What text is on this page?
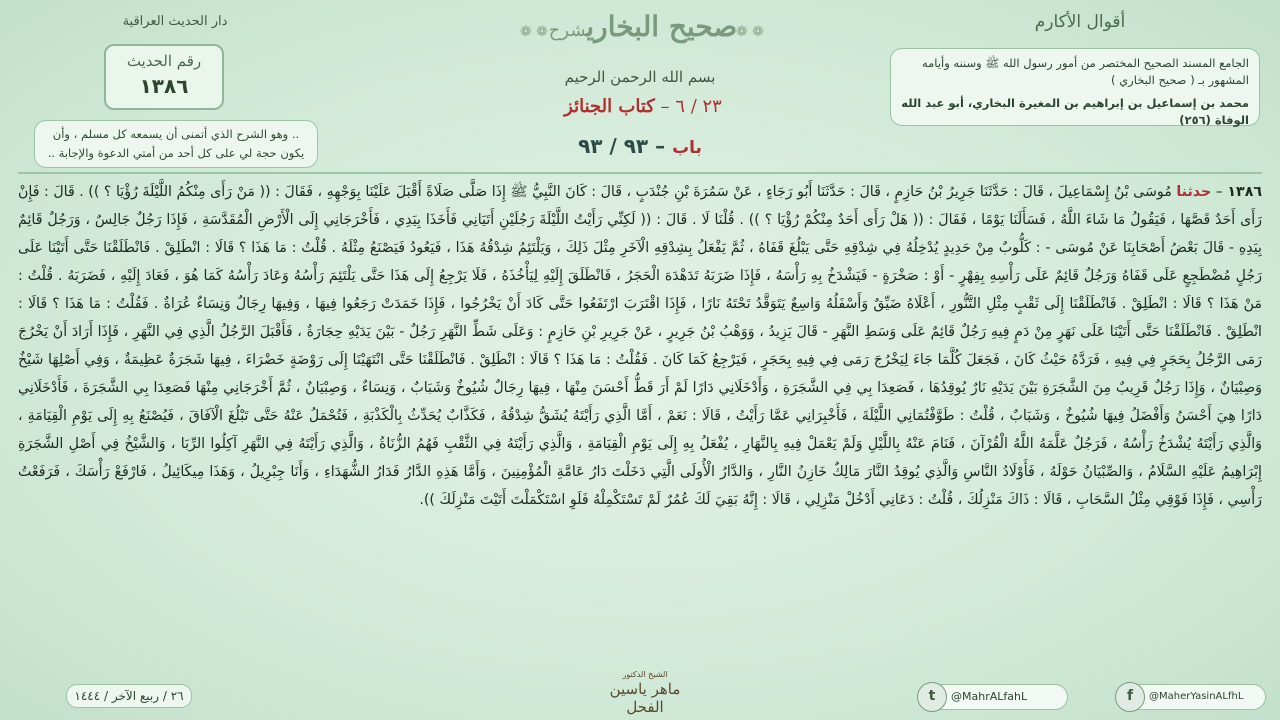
دار الحديث العراقية
رقم الحديث
١٣٨٦
.. وهو الشرح الذي أتمنى أن يسمعه كل مسلم ، وأن يكون حجة لي على كل أحد من أمتي الدعوة والإجابة ..
❁ ❁	❁ ❁
صحيح البخاريشرح
بسم الله الرحمن الرحيم
٢٣ / ٦ – كتاب الجنائز
باب – ٩٣ / ٩٣
أقوال الأكارم
الجامع المسند الصحيح المختصر من أمور رسول الله ﷺ وسننه وأيامه المشهور بـ ( صحيح البخاري )
محمد بن إسماعيل بن إبراهيم بن المغيرة البخاري، أبو عبد الله الوفاة (٢٥٦)
١٣٨٦ – حدثنا مُوسَى بْنُ إِسْمَاعِيلَ ، قَالَ : حَدَّثَنَا جَرِيرُ بْنُ حَازِمٍ ، قَالَ : حَدَّثَنَا أَبُو رَجَاءٍ ، عَنْ سَمُرَةَ بْنِ جُنْدَبٍ ، قَالَ : كَانَ النَّبِيُّ ﷺ إِذَا صَلَّى صَلَاةً أَقْبَلَ عَلَيْنَا بِوَجْهِهِ ، فَقَالَ : (( مَنْ رَأَى مِنْكُمُ اللَّيْلَةَ رُؤْيَا ؟ )) . قَالَ : فَإِنْ رَأَى أَحَدٌ قَصَّهَا ، فَيَقُولُ مَا شَاءَ اللَّهُ ، فَسَأَلَنَا يَوْمًا ، فَقَالَ : (( هَلْ رَأَى أَحَدٌ مِنْكُمْ رُؤْيَا ؟ )) . قُلْنَا لَا . قَالَ : (( لَكِنِّي رَأَيْتُ اللَّيْلَةَ رَجُلَيْنِ أَتَيَانِي فَأَخَذَا بِيَدِي ، فَأَخْرَجَانِي إِلَى الْأَرْضِ الْمُقَدَّسَةِ ، فَإِذَا رَجُلٌ جَالِسٌ ، وَرَجُلٌ قَائِمٌ بِيَدِهِ - قَالَ بَعْضُ أَصْحَابِنَا عَنْ مُوسَى - : كَلُّوبٌ مِنْ حَدِيدٍ يُدْخِلُهُ فِي شِدْقِهِ حَتَّى يَبْلُغَ قَفَاهُ ، ثُمَّ يَفْعَلُ بِشِدْقِهِ الْآخَرِ مِثْلَ ذَلِكَ ، وَيَلْتَئِمُ شِدْقُهُ هَذَا ، فَيَعُودُ فَيَصْنَعُ مِثْلَهُ . قُلْتُ : مَا هَذَا ؟ قَالَا : انْطَلِقْ . فَانْطَلَقْنَا حَتَّى أَتَيْنَا عَلَى رَجُلٍ مُضْطَجِعٍ عَلَى قَفَاهُ وَرَجُلٌ قَائِمٌ عَلَى رَأْسِهِ بِفِهْرٍ - أَوْ : صَخْرَةٍ - فَيَشْدَخُ بِهِ رَأْسَهُ ، فَإِذَا ضَرَبَهُ تَدَهْدَهَ الْحَجَرُ ، فَانْطَلَقَ إِلَيْهِ لِيَأْخُذَهُ ، فَلَا يَرْجِعُ إِلَى هَذَا حَتَّى يَلْتَئِمَ رَأْسُهُ وَعَادَ رَأْسُهُ كَمَا هُوَ ، فَعَادَ إِلَيْهِ ، فَضَرَبَهُ . قُلْتُ : مَنْ هَذَا ؟ قَالَا : انْطَلِقْ . فَانْطَلَقْنَا إِلَى ثَقْبٍ مِثْلِ التَّنُّورِ ، أَعْلَاهُ ضَيِّقٌ وَأَسْفَلُهُ وَاسِعٌ يَتَوَقَّدُ تَحْتَهُ نَارًا ، فَإِذَا اقْتَرَبَ ارْتَفَعُوا حَتَّى كَادَ أَنْ يَخْرُجُوا ، فَإِذَا خَمَدَتْ رَجَعُوا فِيهَا ، وَفِيهَا رِجَالٌ وَنِسَاءٌ عُرَاةٌ . فَقُلْتُ : مَا هَذَا ؟ قَالَا : انْطَلِقْ . فَانْطَلَقْنَا حَتَّى أَتَيْنَا عَلَى نَهَرٍ مِنْ دَمٍ فِيهِ رَجُلٌ قَائِمٌ عَلَى وَسَطِ النَّهَرِ - قَالَ يَزِيدُ ، وَوَهْبُ بْنُ جَرِيرٍ ، عَنْ جَرِيرِ بْنِ حَازِمٍ : وَعَلَى شَطِّ النَّهَرِ رَجُلٌ - بَيْنَ يَدَيْهِ حِجَارَةٌ ، فَأَقْبَلَ الرَّجُلُ الَّذِي فِي النَّهَرِ ، فَإِذَا أَرَادَ أَنْ يَخْرُجَ رَمَى الرَّجُلُ بِحَجَرٍ فِي فِيهِ ، فَرَدَّهُ حَيْثُ كَانَ ، فَجَعَلَ كُلَّمَا جَاءَ لِيَخْرُجَ رَمَى فِي فِيهِ بِحَجَرٍ ، فَيَرْجِعُ كَمَا كَانَ . فَقُلْتُ : مَا هَذَا ؟ قَالَا : انْطَلِقْ . فَانْطَلَقْنَا حَتَّى انْتَهَيْنَا إِلَى رَوْضَةٍ خَضْرَاءَ ، فِيهَا شَجَرَةٌ عَظِيمَةٌ ، وَفِي أَصْلِهَا شَيْخٌ وَصِبْيَانٌ ، وَإِذَا رَجُلٌ قَرِيبٌ مِنَ الشَّجَرَةِ بَيْنَ يَدَيْهِ نَارٌ يُوقِدُهَا ، فَصَعِدَا بِي فِي الشَّجَرَةِ ، وَأَدْخَلَانِي دَارًا لَمْ أَرَ قَطُّ أَحْسَنَ مِنْهَا ، فِيهَا رِجَالٌ شُيُوخٌ وَشَبَابٌ ، وَنِسَاءٌ ، وَصِبْيَانٌ ، ثُمَّ أَخْرَجَانِي مِنْهَا فَصَعِدَا بِي الشَّجَرَةَ ، فَأَدْخَلَانِي دَارًا هِيَ أَحْسَنُ وَأَفْضَلُ فِيهَا شُيُوخٌ ، وَشَبَابٌ ، قُلْتُ : طَوَّفْتُمَانِي اللَّيْلَةَ ، فَأَخْبِرَانِي عَمَّا رَأَيْتُ ، قَالَا : نَعَمْ ، أَمَّا الَّذِي رَأَيْتَهُ يُشَقُّ شِدْقُهُ ، فَكَذَّابٌ يُحَدِّثُ بِالْكَذْبَةِ ، فَتُحْمَلُ عَنْهُ حَتَّى تَبْلُغَ الْآفَاقَ ، فَيُصْنَعُ بِهِ إِلَى يَوْمِ الْقِيَامَةِ ، وَالَّذِي رَأَيْتَهُ يُشْدَخُ رَأْسُهُ ، فَرَجُلٌ عَلَّمَهُ اللَّهُ الْقُرْآنَ ، فَنَامَ عَنْهُ بِاللَّيْلِ وَلَمْ يَعْمَلْ فِيهِ بِالنَّهَارِ ، يُفْعَلُ بِهِ إِلَى يَوْمِ الْقِيَامَةِ ، وَالَّذِي رَأَيْتَهُ فِي الثَّقْبِ فَهُمُ الزُّنَاةُ ، وَالَّذِي رَأَيْتَهُ فِي النَّهَرِ آكِلُوا الرِّبَا ، وَالشَّيْخُ فِي أَصْلِ الشَّجَرَةِ إِبْرَاهِيمُ عَلَيْهِ السَّلَامُ ، وَالصِّبْيَانُ حَوْلَهُ ، فَأَوْلَادُ النَّاسِ وَالَّذِي يُوقِدُ النَّارَ مَالِكٌ خَازِنُ النَّارِ ، وَالدَّارُ الْأُولَى الَّتِي دَخَلْتَ دَارُ عَامَّةِ الْمُؤْمِنِينَ ، وَأَمَّا هَذِهِ الدَّارُ فَدَارُ الشُّهَدَاءِ ، وَأَنَا جِبْرِيلُ ، وَهَذَا مِيكَائِيلُ ، فَارْفَعْ رَأْسَكَ ، فَرَفَعْتُ رَأْسِي ، فَإِذَا فَوْقِي مِثْلُ السَّحَابِ ، قَالَا : ذَاكَ مَنْزِلُكَ ، قُلْتُ : دَعَانِي أَدْخُلْ مَنْزِلِي ، قَالَا : إِنَّهُ بَقِيَ لَكَ عُمُرٌ لَمْ تَسْتَكْمِلْهُ فَلَوِ اسْتَكْمَلْتَ أَتَيْتَ مَنْزِلَكَ )).
٢٦ / ربيع الآخر / ١٤٤٤
الشيخ الدكتور
ماهر ياسين الفحل
t	@MahrALfahL	f	@MaherYasinALfhL
